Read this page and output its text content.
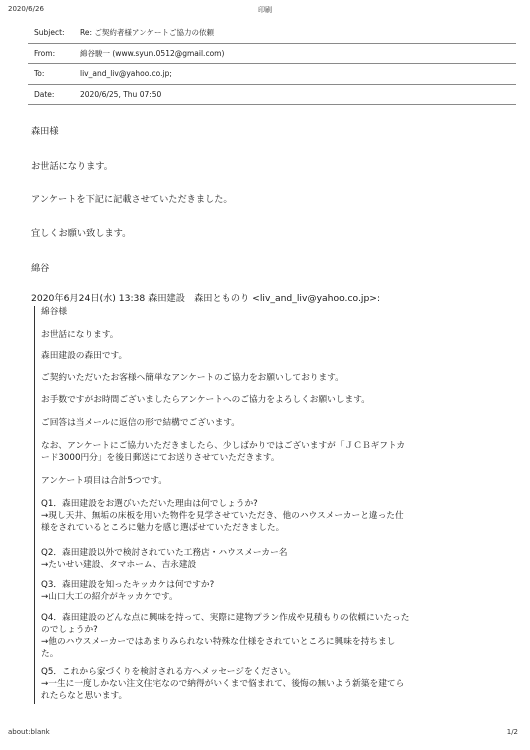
2020/6/26	印刷
Subject: Re: ご契約者様アンケートご協力の依頼
From:	綿谷駿一 (www.syun.0512@gmail.com)
To:	liv_and_liv@yahoo.co.jp;
Date:	2020/6/25, Thu 07:50
森田様
お世話になります。
アンケートを下記に記載させていただきました。
宜しくお願い致します。
綿谷
2020年6月24日(水) 13:38 森田建設　森田とものり <liv_and_liv@yahoo.co.jp>:
綿谷様
お世話になります。
森田建設の森田です。
ご契約いただいたお客様へ簡単なアンケートのご協力をお願いしております。
お手数ですがお時間ございましたらアンケートへのご協力をよろしくお願いします。
ご回答は当メールに返信の形で結構でございます。
なお、アンケートにご協力いただきましたら、少しばかりではございますが「ＪＣＢギフトカ
ード3000円分」を後日郵送にてお送りさせていただきます。
アンケート項目は合計5つです。
Q1．森田建設をお選びいただいた理由は何でしょうか?
→現し天井、無垢の床板を用いた物件を見学させていただき、他のハウスメーカーと違った仕
様をされているところに魅力を感じ選ばせていただきました。
Q2．森田建設以外で検討されていた工務店・ハウスメーカー名
→たいせい建設、タマホーム、吉永建設
Q3．森田建設を知ったキッカケは何ですか?
→山口大工の紹介がキッカケです。
Q4．森田建設のどんな点に興味を持って、実際に建物プラン作成や見積もりの依頼にいたった
のでしょうか?
→他のハウスメーカーではあまりみられない特殊な仕様をされていところに興味を持ちまし
た。
Q5．これから家づくりを検討される方へメッセージをください。
→一生に一度しかない注文住宅なので納得がいくまで悩まれて、後悔の無いよう新築を建てら
れたらなと思います。
about:blank	1/2
